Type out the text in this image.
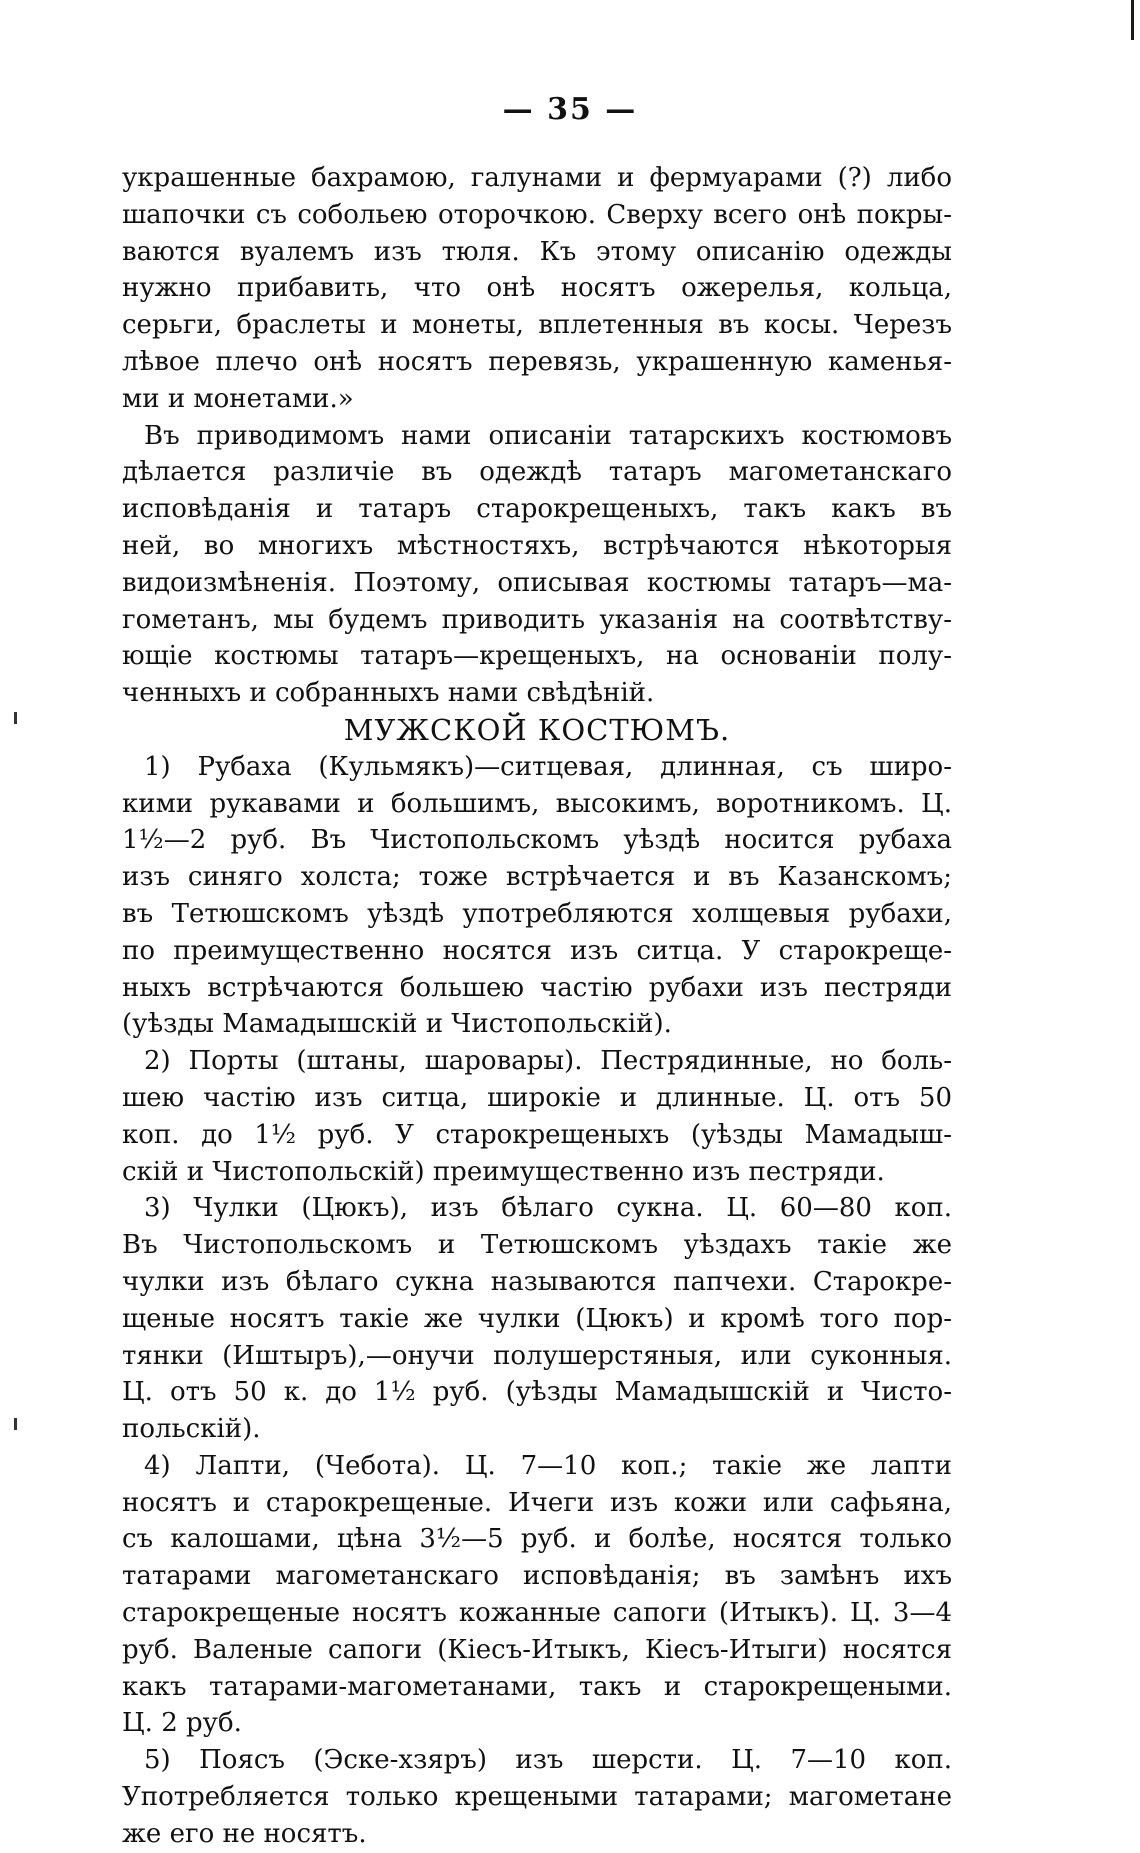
— 35 —
украшенные бахрамою, галунами и фермуарами (?) либо
шапочки съ собольею оторочкою. Сверху всего онѣ покры-
ваются вуалемъ изъ тюля. Къ этому описанію одежды
нужно прибавить, что онѣ носятъ ожерелья, кольца,
серьги, браслеты и монеты, вплетенныя въ косы. Черезъ
лѣвое плечо онѣ носятъ перевязь, украшенную каменья-
ми и монетами.»
Въ приводимомъ нами описаніи татарскихъ костюмовъ
дѣлается различіе въ одеждѣ татаръ магометанскаго
исповѣданія и татаръ старокрещеныхъ, такъ какъ въ
ней, во многихъ мѣстностяхъ, встрѣчаются нѣкоторыя
видоизмѣненія. Поэтому, описывая костюмы татаръ—ма-
гометанъ, мы будемъ приводить указанія на соотвѣтству-
ющіе костюмы татаръ—крещеныхъ, на основаніи полу-
ченныхъ и собранныхъ нами свѣдѣній.
МУЖСКОЙ КОСТЮМЪ.
1) Рубаха (Кульмякъ)—ситцевая, длинная, съ широ-
кими рукавами и большимъ, высокимъ, воротникомъ. Ц.
1½—2 руб. Въ Чистопольскомъ уѣздѣ носится рубаха
изъ синяго холста; тоже встрѣчается и въ Казанскомъ;
въ Тетюшскомъ уѣздѣ употребляются холщевыя рубахи,
по преимущественно носятся изъ ситца. У старокреще-
ныхъ встрѣчаются большею частію рубахи изъ пестряди
(уѣзды Мамадышскій и Чистопольскій).
2) Порты (штаны, шаровары). Пестрядинные, но боль-
шею частію изъ ситца, широкіе и длинные. Ц. отъ 50
коп. до 1½ руб. У старокрещеныхъ (уѣзды Мамадыш-
скій и Чистопольскій) преимущественно изъ пестряди.
3) Чулки (Цюкъ), изъ бѣлаго сукна. Ц. 60—80 коп.
Въ Чистопольскомъ и Тетюшскомъ уѣздахъ такіе же
чулки изъ бѣлаго сукна называются папчехи. Старокре-
щеные носятъ такіе же чулки (Цюкъ) и кромѣ того пор-
тянки (Иштыръ),—онучи полушерстяныя, или суконныя.
Ц. отъ 50 к. до 1½ руб. (уѣзды Мамадышскій и Чисто-
польскій).
4) Лапти, (Чебота). Ц. 7—10 коп.; такіе же лапти
носятъ и старокрещеные. Ичеги изъ кожи или сафьяна,
съ калошами, цѣна 3½—5 руб. и болѣе, носятся только
татарами магометанскаго исповѣданія; въ замѣнъ ихъ
старокрещеные носятъ кожанные сапоги (Итыкъ). Ц. 3—4
руб. Валеные сапоги (Кіесъ-Итыкъ, Кіесъ-Итыги) носятся
какъ татарами-магометанами, такъ и старокрещеными.
Ц. 2 руб.
5) Поясъ (Эске-хзяръ) изъ шерсти. Ц. 7—10 коп.
Употребляется только крещеными татарами; магометане
же его не носятъ.
